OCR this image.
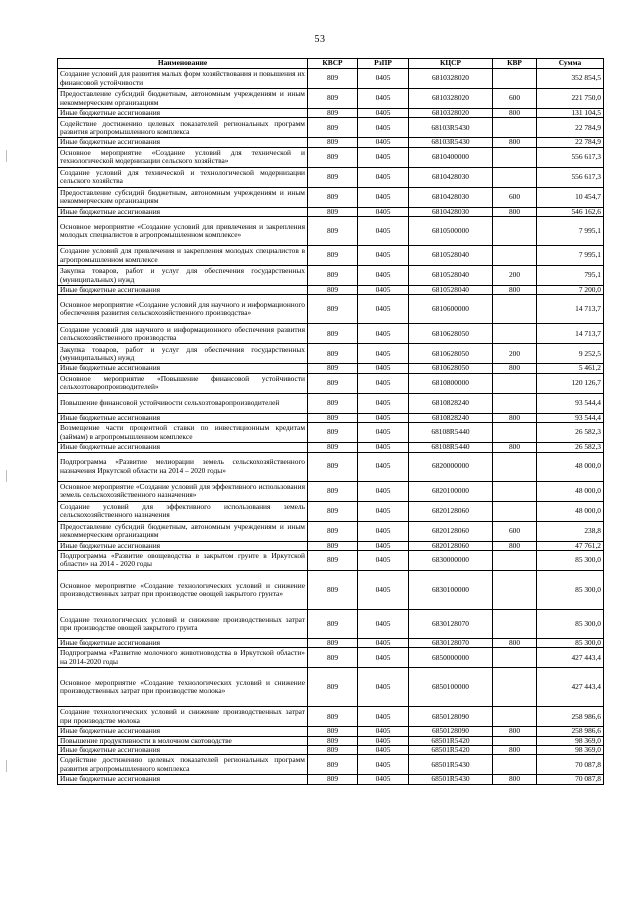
53
Наименование	КВСР	РзПР	КЦСР	КВР	Сумма
Создание условий для развития малых форм хозяйствования и повышения их финансовой устойчивости	809	0405	6810328020		352 854,5
Предоставление субсидий бюджетным, автономным учреждениям и иным некоммерческим организациям	809	0405	6810328020	600	221 750,0
Иные бюджетные ассигнования	809	0405	6810328020	800	131 104,5
Содействие достижению целевых показателей региональных программ развития агропромышленного комплекса	809	0405	68103R5430		22 784,9
Иные бюджетные ассигнования	809	0405	68103R5430	800	22 784,9
Основное мероприятие «Создание условий для технической и технологической модернизации сельского хозяйства»	809	0405	6810400000		556 617,3
Создание условий для технической и технологической модернизации сельского хозяйства	809	0405	6810428030		556 617,3
Предоставление субсидий бюджетным, автономным учреждениям и иным некоммерческим организациям	809	0405	6810428030	600	10 454,7
Иные бюджетные ассигнования	809	0405	6810428030	800	546 162,6
Основное мероприятие «Создание условий для привлечения и закрепления молодых специалистов в агропромышленном комплексе»	809	0405	6810500000		7 995,1
Создание условий для привлечения и закрепления молодых специалистов в агропромышленном комплексе	809	0405	6810528040		7 995,1
Закупка товаров, работ и услуг для обеспечения государственных (муниципальных) нужд	809	0405	6810528040	200	795,1
Иные бюджетные ассигнования	809	0405	6810528040	800	7 200,0
Основное мероприятие «Создание условий для научного и информационного обеспечения развития сельскохозяйственного производства»	809	0405	6810600000		14 713,7
Создание условий для научного и информационного обеспечения развития сельскохозяйственного производства	809	0405	6810628050		14 713,7
Закупка товаров, работ и услуг для обеспечения государственных (муниципальных) нужд	809	0405	6810628050	200	9 252,5
Иные бюджетные ассигнования	809	0405	6810628050	800	5 461,2
Основное мероприятие «Повышение финансовой устойчивости сельхозтоваропроизводителей»	809	0405	6810800000		120 126,7
Повышение финансовой устойчивости сельхозтоваропроизводителей	809	0405	6810828240		93 544,4
Иные бюджетные ассигнования	809	0405	6810828240	800	93 544,4
Возмещение части процентной ставки по инвестиционным кредитам (займам) в агропромышленном комплексе	809	0405	68108R5440		26 582,3
Иные бюджетные ассигнования	809	0405	68108R5440	800	26 582,3
Подпрограмма «Развитие мелиорации земель сельскохозяйственного назначения Иркутской области на 2014 – 2020 годы»	809	0405	6820000000		48 000,0
Основное мероприятие «Создание условий для эффективного использования земель сельскохозяйственного назначения»	809	0405	6820100000		48 000,0
Создание условий для эффективного использования земель сельскохозяйственного назначения	809	0405	6820128060		48 000,0
Предоставление субсидий бюджетным, автономным учреждениям и иным некоммерческим организациям	809	0405	6820128060	600	238,8
Иные бюджетные ассигнования	809	0405	6820128060	800	47 761,2
Подпрограмма «Развитие овощеводства в закрытом грунте в Иркутской области» на 2014 - 2020 годы	809	0405	6830000000		85 300,0
Основное мероприятие «Создание технологических условий и снижение производственных затрат при производстве овощей закрытого грунта»	809	0405	6830100000		85 300,0
Создание технологических условий и снижение производственных затрат при производстве овощей закрытого грунта	809	0405	6830128070		85 300,0
Иные бюджетные ассигнования	809	0405	6830128070	800	85 300,0
Подпрограмма «Развитие молочного животноводства в Иркутской области» на 2014-2020 годы	809	0405	6850000000		427 443,4
Основное мероприятие «Создание технологических условий и снижение производственных затрат при производстве молока»	809	0405	6850100000		427 443,4
Создание технологических условий и снижение производственных затрат при производстве молока	809	0405	6850128090		258 986,6
Иные бюджетные ассигнования	809	0405	6850128090	800	258 986,6
Повышение продуктивности в молочном скотоводстве	809	0405	68501R5420		98 369,0
Иные бюджетные ассигнования	809	0405	68501R5420	800	98 369,0
Содействие достижению целевых показателей региональных программ развития агропромышленного комплекса	809	0405	68501R5430		70 087,8
Иные бюджетные ассигнования	809	0405	68501R5430	800	70 087,8
